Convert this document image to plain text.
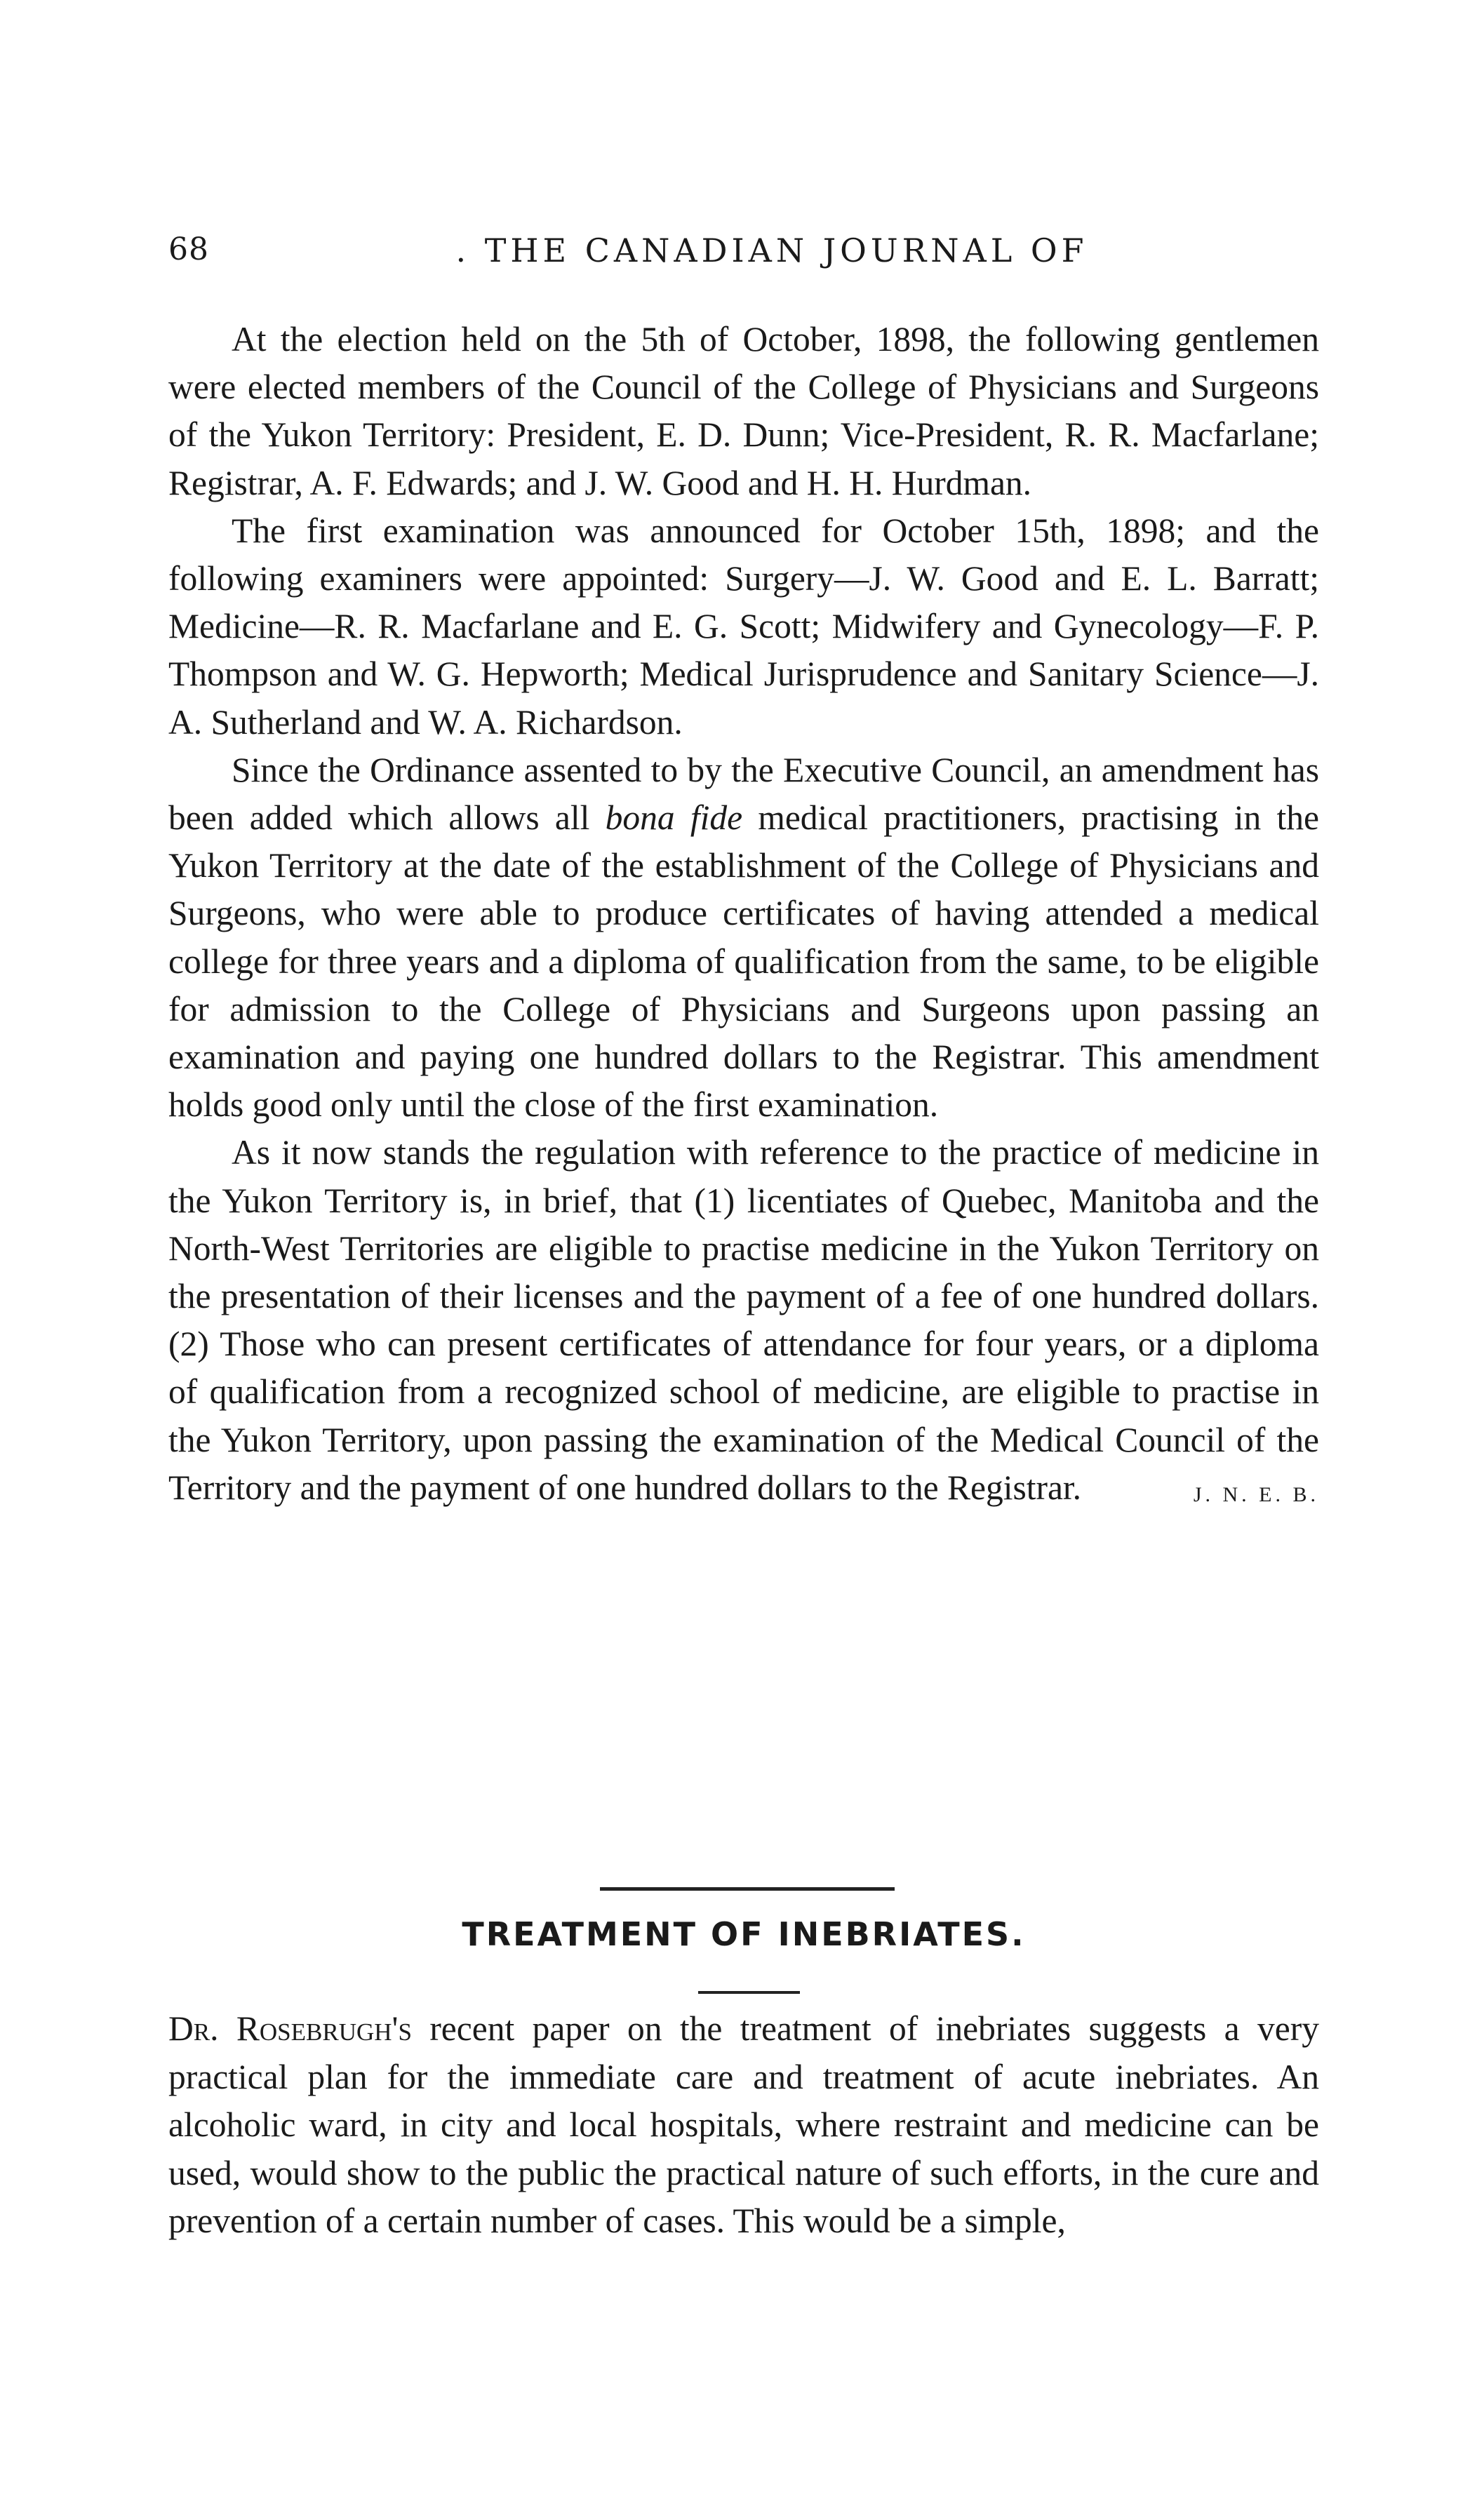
68	. THE CANADIAN JOURNAL OF

At the election held on the 5th of October, 1898, the following gentlemen were elected members of the Council of the College of Physicians and Surgeons of the Yukon Territory: President, E. D. Dunn; Vice-President, R. R. Macfarlane; Registrar, A. F. Edwards; and J. W. Good and H. H. Hurdman.

The first examination was announced for October 15th, 1898; and the following examiners were appointed: Surgery—J. W. Good and E. L. Barratt; Medicine—R. R. Macfarlane and E. G. Scott; Midwifery and Gynecology—F. P. Thompson and W. G. Hepworth; Medical Jurisprudence and Sanitary Science—J. A. Sutherland and W. A. Richardson.

Since the Ordinance assented to by the Executive Council, an amendment has been added which allows all bona fide medical practitioners, practising in the Yukon Territory at the date of the establishment of the College of Physicians and Surgeons, who were able to produce certificates of having attended a medical college for three years and a diploma of qualification from the same, to be eligible for admission to the College of Physicians and Surgeons upon passing an examination and paying one hundred dollars to the Registrar. This amendment holds good only until the close of the first examination.

As it now stands the regulation with reference to the practice of medicine in the Yukon Territory is, in brief, that (1) licentiates of Quebec, Manitoba and the North-West Territories are eligible to practise medicine in the Yukon Territory on the presentation of their licenses and the payment of a fee of one hundred dollars. (2) Those who can present certificates of attendance for four years, or a diploma of qualification from a recognized school of medicine, are eligible to practise in the Yukon Territory, upon passing the examination of the Medical Council of the Territory and the payment of one hundred dollars to the Registrar.	J. N. E. B.

TREATMENT OF INEBRIATES.

Dr. Rosebrugh's recent paper on the treatment of inebriates suggests a very practical plan for the immediate care and treatment of acute inebriates. An alcoholic ward, in city and local hospitals, where restraint and medicine can be used, would show to the public the practical nature of such efforts, in the cure and prevention of a certain number of cases. This would be a simple,
